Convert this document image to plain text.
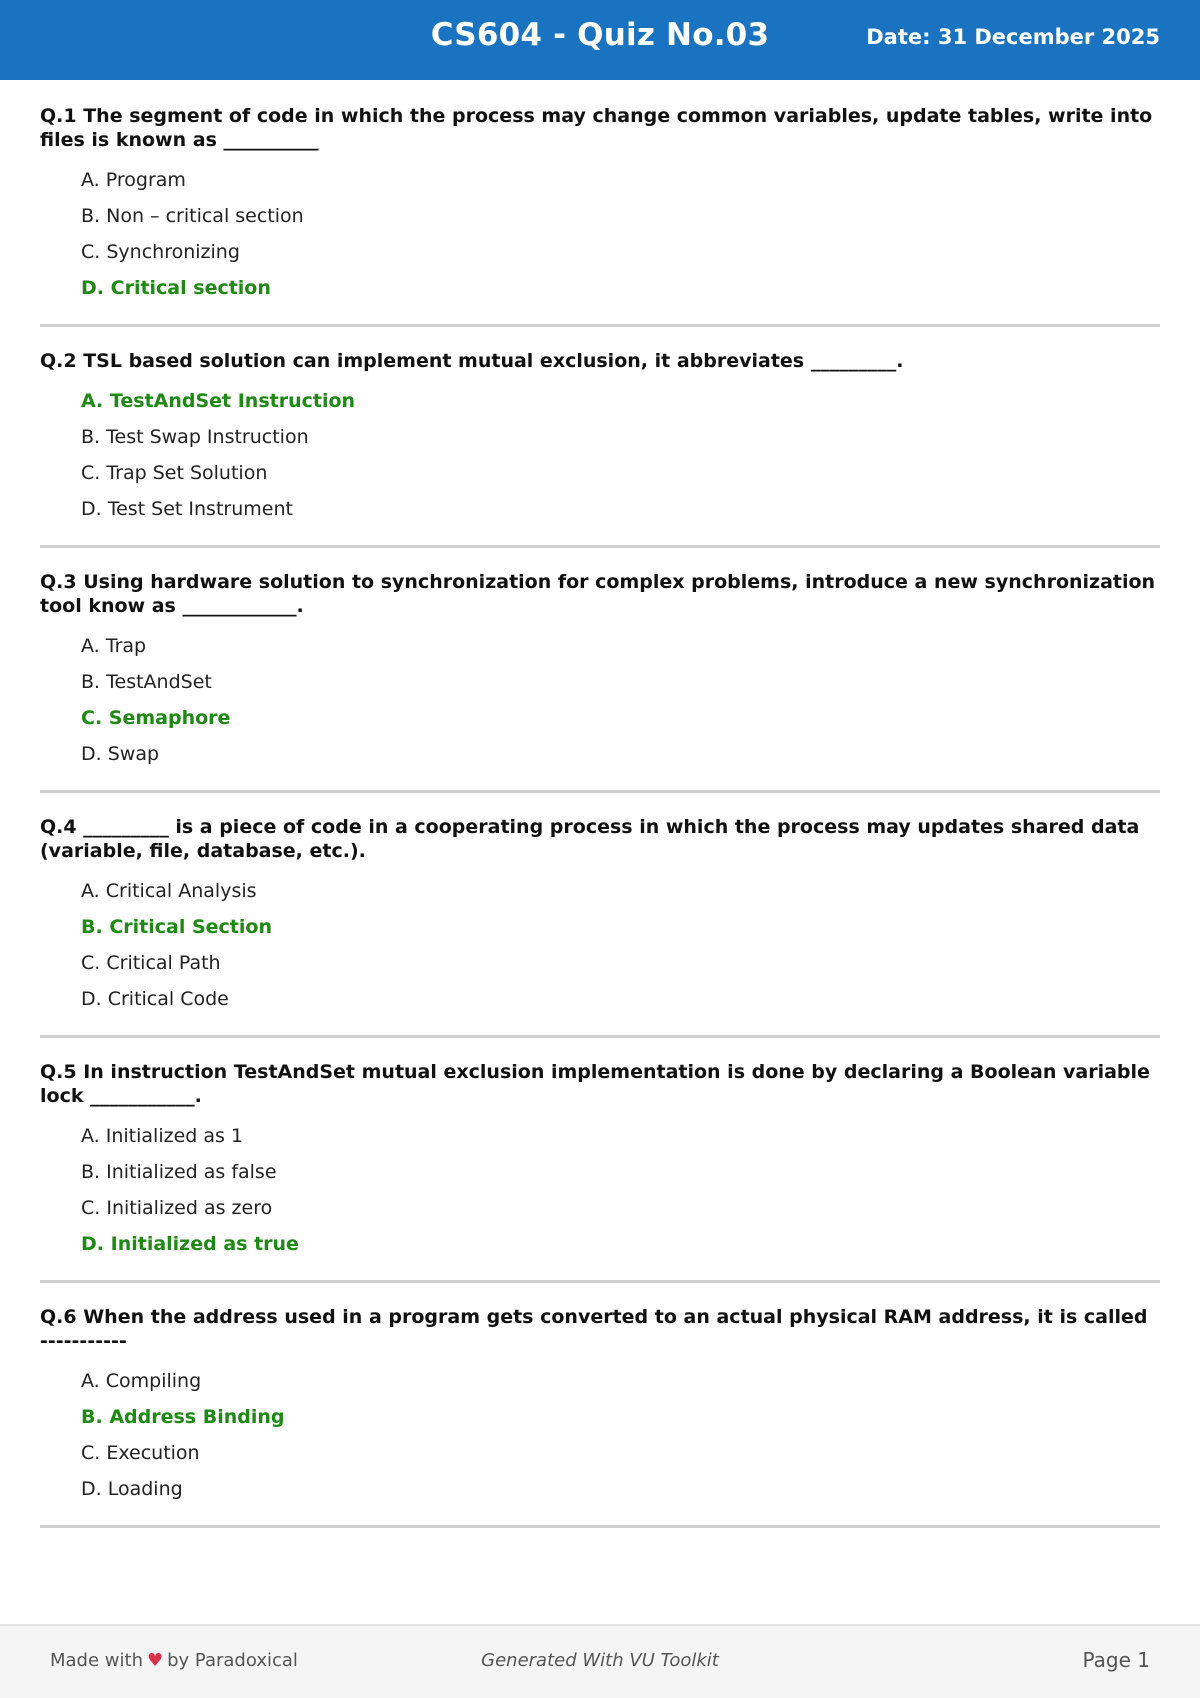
CS604 - Quiz No.03	Date: 31 December 2025

Q.1 The segment of code in which the process may change common variables, update tables, write into files is known as __________

A. Program
B. Non – critical section
C. Synchronizing
D. Critical section

Q.2 TSL based solution can implement mutual exclusion, it abbreviates _________.

A. TestAndSet Instruction
B. Test Swap Instruction
C. Trap Set Solution
D. Test Set Instrument

Q.3 Using hardware solution to synchronization for complex problems, introduce a new synchronization tool know as ____________.

A. Trap
B. TestAndSet
C. Semaphore
D. Swap

Q.4 _________ is a piece of code in a cooperating process in which the process may updates shared data (variable, file, database, etc.).

A. Critical Analysis
B. Critical Section
C. Critical Path
D. Critical Code

Q.5 In instruction TestAndSet mutual exclusion implementation is done by declaring a Boolean variable lock ___________.

A. Initialized as 1
B. Initialized as false
C. Initialized as zero
D. Initialized as true

Q.6 When the address used in a program gets converted to an actual physical RAM address, it is called -----------

A. Compiling
B. Address Binding
C. Execution
D. Loading
Made with ♥ by Paradoxical	Generated With VU Toolkit	Page 1
